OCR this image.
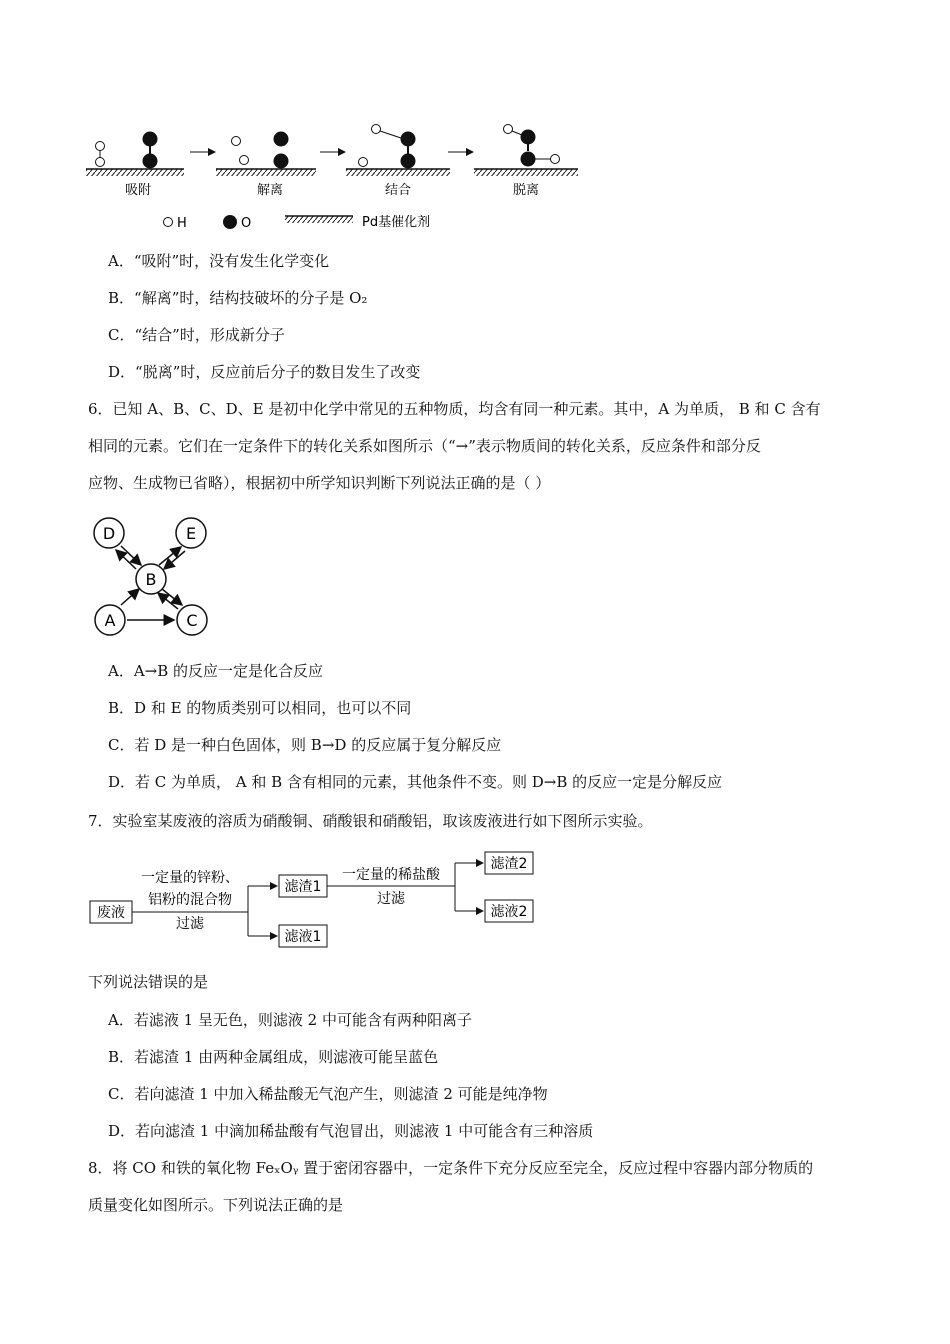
吸附	解离	结合	脱离
H	O	Pd基催化剂
A．“吸附”时，没有发生化学变化
B．“解离”时，结构技破坏的分子是 O₂
C．“结合”时，形成新分子
D．“脱离”时，反应前后分子的数目发生了改变
6．已知 A、B、C、D、E 是初中化学中常见的五种物质，均含有同一种元素。其中，A 为单质， B 和 C 含有
相同的元素。它们在一定条件下的转化关系如图所示（“→”表示物质间的转化关系，反应条件和部分反
应物、生成物已省略），根据初中所学知识判断下列说法正确的是（ ）
D	E
B
A	C
A．A→B 的反应一定是化合反应
B．D 和 E 的物质类别可以相同，也可以不同
C．若 D 是一种白色固体，则 B→D 的反应属于复分解反应
D．若 C 为单质， A 和 B 含有相同的元素，其他条件不变。则 D→B 的反应一定是分解反应
7．实验室某废液的溶质为硝酸铜、硝酸银和硝酸铝，取该废液进行如下图所示实验。
废液
一定量的锌粉、
铝粉的混合物
过滤
滤渣1
滤液1
一定量的稀盐酸
过滤
滤渣2
滤液2
下列说法错误的是
A．若滤液 1 呈无色，则滤液 2 中可能含有两种阳离子
B．若滤渣 1 由两种金属组成，则滤液可能呈蓝色
C．若向滤渣 1 中加入稀盐酸无气泡产生，则滤渣 2 可能是纯净物
D．若向滤渣 1 中滴加稀盐酸有气泡冒出，则滤液 1 中可能含有三种溶质
8．将 CO 和铁的氧化物 FeₓOᵧ 置于密闭容器中，一定条件下充分反应至完全，反应过程中容器内部分物质的
质量变化如图所示。下列说法正确的是
